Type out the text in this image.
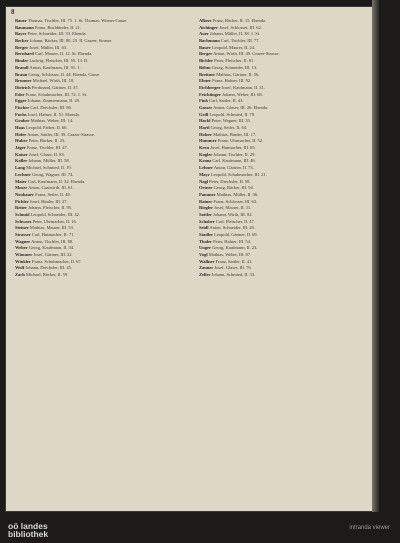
8
Bauer Thomas, Tischler, III. 75. 1. St. Thomas, Wiener-Gasse.
Baumann Franz, Buchbinder, II. 21.
Bayer Peter, Schneider, III. 33. Ebenda.
Becker Johann, Bäcker, III. 80. 23. II. Grazer, Strasse.
Berger Josef, Müller, III. 63.
Bernhard Carl, Maurer, II. 12. St. Ebenda.
Binder Ludwig, Fleischer, III. 55. 13. II.
Brandl Anton, Kaufmann, III. 91. 1.
Braun Georg, Schlosser, II. 44. Ebenda, Gasse.
Brunner Michael, Wirth, III. 18.
Dietrich Ferdinand, Gärtner, II. 37.
Eder Franz, Schuhmacher, III. 72. 1. St.
Egger Johann, Zimmermann, II. 29.
Fischer Carl, Drechsler, III. 86.
Fuchs Josef, Hafner, II. 51. Ebenda.
Gruber Mathias, Weber, III. 14.
Haas Leopold, Färber, II. 66.
Hofer Anton, Sattler, III. 39. Grazer-Strasse.
Huber Peter, Bäcker, II. 25.
Jäger Franz, Tischler, III. 47.
Kaiser Josef, Glaser, II. 83.
Koller Johann, Müller, III. 58.
Lang Michael, Schmied, II. 19.
Lechner Georg, Wagner, III. 74.
Maier Carl, Kaufmann, II. 32. Ebenda.
Moser Anton, Gastwirth, III. 61.
Neubauer Franz, Seiler, II. 48.
Pichler Josef, Binder, III. 27.
Reiter Johann, Fleischer, II. 95.
Schmid Leopold, Schneider, III. 42.
Schwarz Peter, Uhrmacher, II. 16.
Steiner Mathias, Maurer, III. 53.
Strasser Carl, Hutmacher, II. 71.
Wagner Anton, Tischler, III. 88.
Weber Georg, Kaufmann, II. 34.
Wimmer Josef, Gärtner, III. 22.
Winkler Franz, Schuhmacher, II. 67.
Wolf Johann, Drechsler, III. 45.
Zach Michael, Bäcker, II. 59.
Albert Franz, Bäcker, II. 15. Ebenda.
Aichinger Josef, Schlosser, III. 62.
Auer Johann, Müller, II. 38. 1. St.
Bachmann Carl, Tischler, III. 77.
Bauer Leopold, Maurer, II. 24.
Berger Anton, Wirth, III. 49. Grazer-Strasse.
Bichler Peter, Fleischer, II. 81.
Böhm Georg, Schneider, III. 13.
Breitner Mathias, Gärtner, II. 56.
Ebner Franz, Hafner, III. 92.
Eichberger Josef, Kaufmann, II. 31.
Feichtinger Johann, Weber, III. 68.
Fink Carl, Sattler, II. 43.
Gasser Anton, Glaser, III. 26. Ebenda.
Grill Leopold, Schmied, II. 79.
Hackl Peter, Wagner, III. 35.
Hartl Georg, Seiler, II. 64.
Holzer Mathias, Binder, III. 17.
Hummer Franz, Uhrmacher, II. 52.
Kern Josef, Hutmacher, III. 85.
Kogler Johann, Tischler, II. 29.
Kranz Carl, Kaufmann, III. 46.
Lehner Anton, Gärtner, II. 73.
Mayr Leopold, Schuhmacher, III. 21.
Nagl Peter, Drechsler, II. 58.
Ortner Georg, Bäcker, III. 94.
Pammer Mathias, Müller, II. 36.
Rainer Franz, Schlosser, III. 63.
Riegler Josef, Maurer, II. 11.
Sattler Johann, Wirth, III. 82.
Schober Carl, Fleischer, II. 47.
Seidl Anton, Schneider, III. 28.
Stadler Leopold, Gärtner, II. 69.
Thaler Peter, Hafner, III. 54.
Unger Georg, Kaufmann, II. 23.
Vogl Mathias, Weber, III. 87.
Wallner Franz, Sattler, II. 41.
Zauner Josef, Glaser, III. 76.
Zeller Johann, Schmied, II. 33.
oö landes
bibliothek
intranda viewer
